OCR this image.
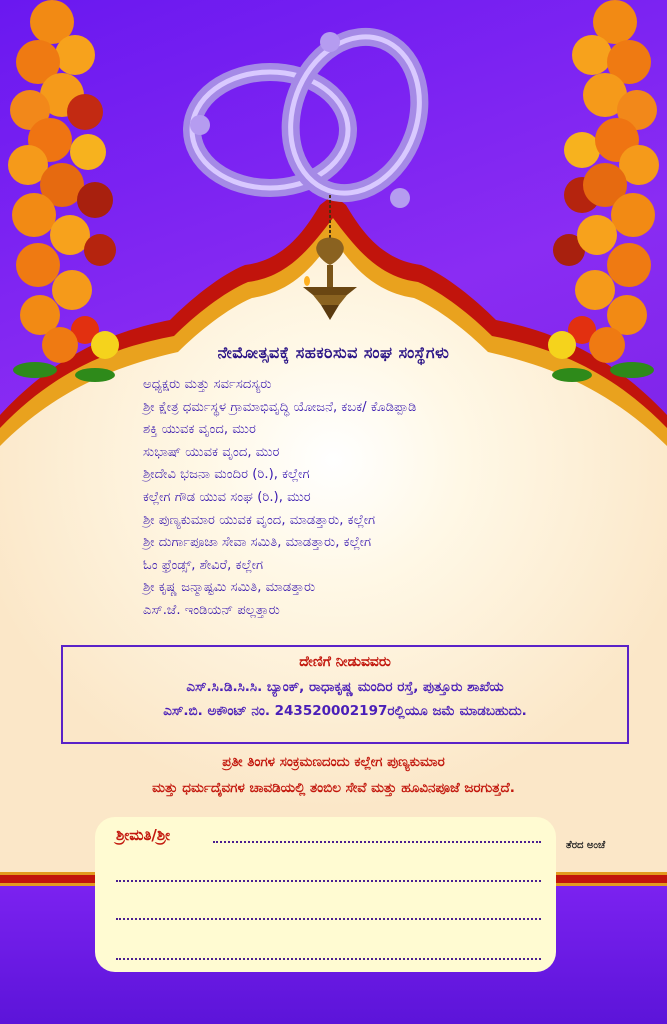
ನೇಮೋತ್ಸವಕ್ಕೆ ಸಹಕರಿಸುವ ಸಂಘ ಸಂಸ್ಥೆಗಳು
ಅಧ್ಯಕ್ಷರು ಮತ್ತು ಸರ್ವಸದಸ್ಯರು
ಶ್ರೀ ಕ್ಷೇತ್ರ ಧರ್ಮಸ್ಥಳ ಗ್ರಾಮಾಭಿವೃದ್ಧಿ ಯೋಜನೆ, ಕಬಕ/ ಕೊಡಿಪ್ಪಾಡಿ
ಶಕ್ತಿ ಯುವಕ ವೃಂದ, ಮುರ
ಸುಭಾಷ್ ಯುವಕ ವೃಂದ, ಮುರ
ಶ್ರೀದೇವಿ ಭಜನಾ ಮಂದಿರ (ರಿ.), ಕಲ್ಲೇಗ
ಕಲ್ಲೇಗ ಗೌಡ ಯುವ ಸಂಘ (ರಿ.), ಮುರ
ಶ್ರೀ ಪುಣ್ಯಕುಮಾರ ಯುವಕ ವೃಂದ, ಮಾಡತ್ತಾರು, ಕಲ್ಲೇಗ
ಶ್ರೀ ದುರ್ಗಾಪೂಜಾ ಸೇವಾ ಸಮಿತಿ, ಮಾಡತ್ತಾರು, ಕಲ್ಲೇಗ
ಓಂ ಫ್ರೆಂಡ್ಸ್, ಶೇವಿರೆ, ಕಲ್ಲೇಗ
ಶ್ರೀ ಕೃಷ್ಣ ಜನ್ಮಾಷ್ಟಮಿ ಸಮಿತಿ, ಮಾಡತ್ತಾರು
ಎಸ್.ಜೆ. ಇಂಡಿಯನ್ ಪಲ್ಲತ್ತಾರು
ದೇಣಿಗೆ ನೀಡುವವರು
ಎಸ್.ಸಿ.ಡಿ.ಸಿ.ಸಿ. ಬ್ಯಾಂಕ್, ರಾಧಾಕೃಷ್ಣ ಮಂದಿರ ರಸ್ತೆ, ಪುತ್ತೂರು ಶಾಖೆಯ
ಎಸ್.ಬಿ. ಅಕೌಂಟ್ ನಂ. 243520002197ರಲ್ಲಿಯೂ ಜಮೆ ಮಾಡಬಹುದು.
ಪ್ರತೀ ತಿಂಗಳ ಸಂಕ್ರಮಣದಂದು ಕಲ್ಲೇಗ ಪುಣ್ಯಕುಮಾರ
ಮತ್ತು ಧರ್ಮದೈವಗಳ ಚಾವಡಿಯಲ್ಲಿ ತಂಬಿಲ ಸೇವೆ ಮತ್ತು ಹೂವಿನಪೂಜೆ ಜರಗುತ್ತದೆ.
ಶ್ರೀಮತಿ/ಶ್ರೀ
ತೆರದ ಅಂಚೆ
